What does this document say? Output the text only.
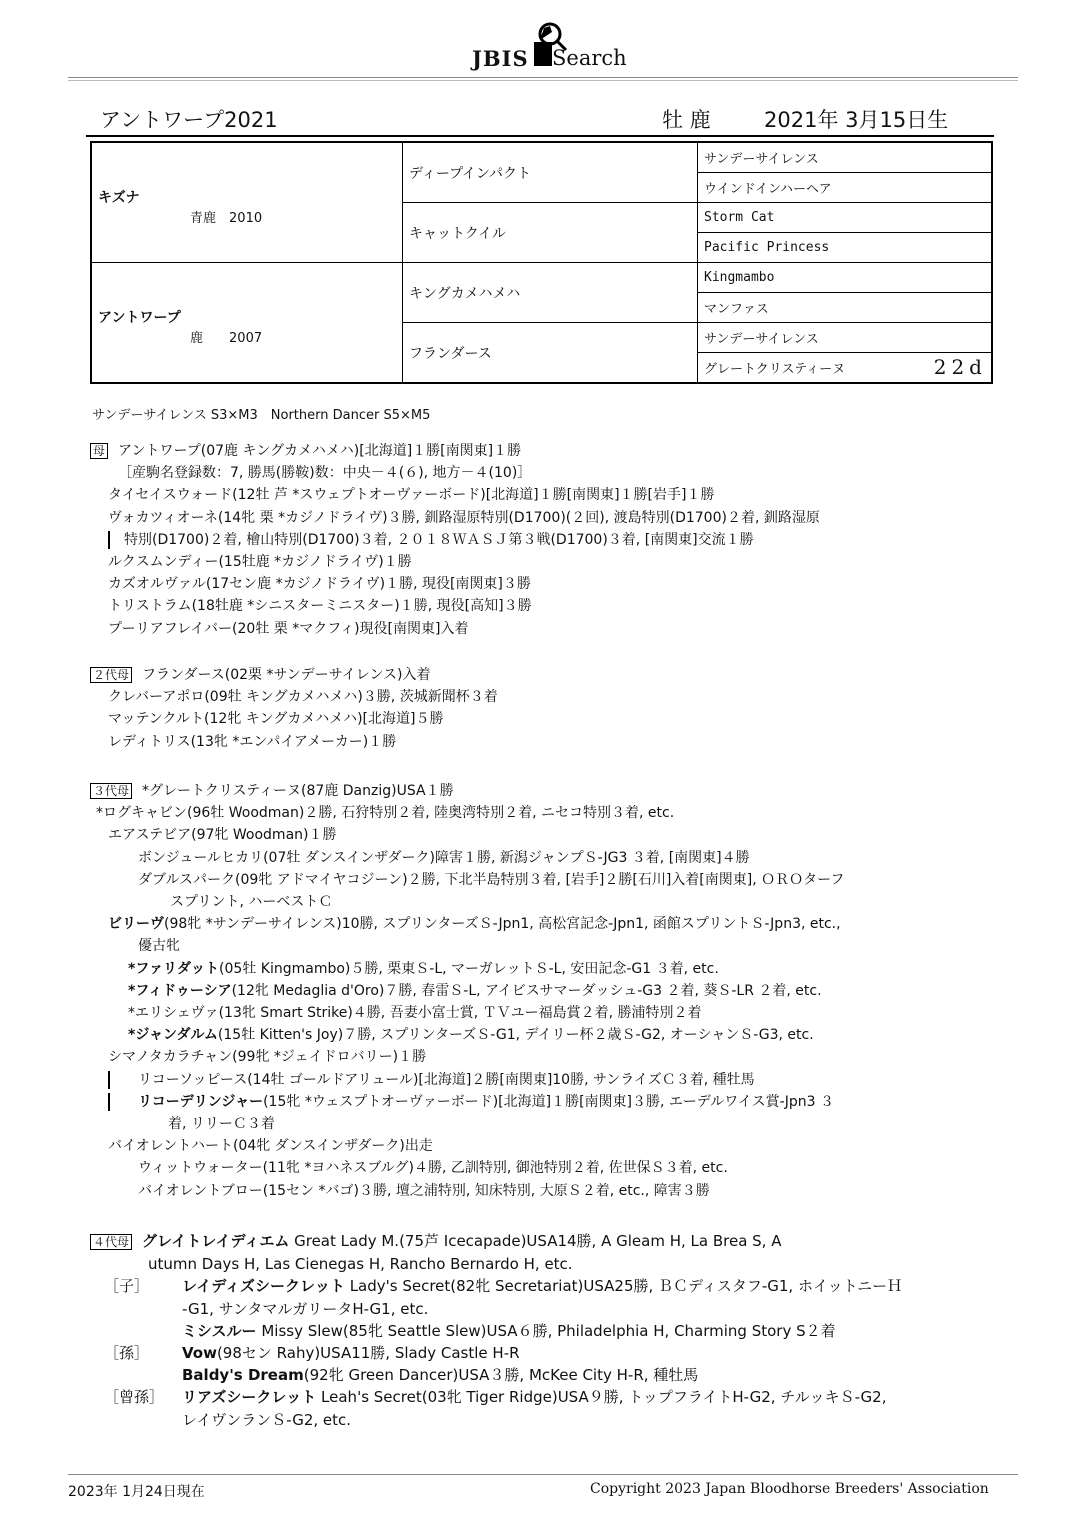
JBIS Search
アントワープ2021	牡 鹿	2021年 3月15日生
キズナ
青鹿　 2010	ディープインパクト	サンデーサイレンス
		ウインドインハーヘア
	キャットクイル	Storm Cat
		Pacific Princess

アントワープ
鹿　　 2007	キングカメハメハ	Kingmambo
		マンファス
	フランダース	サンデーサイレンス
		グレートクリスティーヌ 22d
サンデーサイレンス S3×M3　Northern Dancer S5×M5
母 アントワープ(07鹿 キングカメハメハ)[北海道]１勝[南関東]１勝
［産駒名登録数：7, 勝馬(勝鞍)数：中央－４(６), 地方－４(10)］
タイセイスウォード(12牡 芦 *スウェプトオーヴァーボード)[北海道]１勝[南関東]１勝[岩手]１勝
ヴォカツィオーネ(14牝 栗 *カジノドライヴ)３勝, 釧路湿原特別(D1700)(２回), 渡島特別(D1700)２着, 釧路湿原
特別(D1700)２着, 檜山特別(D1700)３着, ２０１８ＷＡＳＪ第３戦(D1700)３着, [南関東]交流１勝
ルクスムンディー(15牡鹿 *カジノドライヴ)１勝
カズオルヴァル(17セン鹿 *カジノドライヴ)１勝, 現役[南関東]３勝
トリストラム(18牡鹿 *シニスターミニスター)１勝, 現役[高知]３勝
プーリアフレイバー(20牡 栗 *マクフィ)現役[南関東]入着
２代母 フランダース(02栗 *サンデーサイレンス)入着
クレバーアポロ(09牡 キングカメハメハ)３勝, 茨城新聞杯３着
マッテンクルト(12牝 キングカメハメハ)[北海道]５勝
レディトリス(13牝 *エンパイアメーカー)１勝
３代母 *グレートクリスティーヌ(87鹿 Danzig)USA１勝
*ログキャビン(96牡 Woodman)２勝, 石狩特別２着, 陸奥湾特別２着, ニセコ特別３着, etc.
エアステビア(97牝 Woodman)１勝
ボンジュールヒカリ(07牡 ダンスインザダーク)障害１勝, 新潟ジャンプＳ-JG3 ３着, [南関東]４勝
ダブルスパーク(09牝 アドマイヤコジーン)２勝, 下北半島特別３着, [岩手]２勝[石川]入着[南関東], ＯＲＯターフ
スプリント, ハーベストＣ
ビリーヴ(98牝 *サンデーサイレンス)10勝, スプリンターズＳ-Jpn1, 高松宮記念-Jpn1, 函館スプリントＳ-Jpn3, etc.,
優古牝
*ファリダット(05牡 Kingmambo)５勝, 栗東Ｓ-L, マーガレットＳ-L, 安田記念-G1 ３着, etc.
*フィドゥーシア(12牝 Medaglia d'Oro)７勝, 春雷Ｓ-L, アイビスサマーダッシュ-G3 ２着, 葵Ｓ-LR ２着, etc.
*エリシェヴァ(13牝 Smart Strike)４勝, 吾妻小富士賞, ＴＶユー福島賞２着, 勝浦特別２着
*ジャンダルム(15牡 Kitten's Joy)７勝, スプリンターズＳ-G1, デイリー杯２歳Ｓ-G2, オーシャンＳ-G3, etc.
シマノタカラチャン(99牝 *ジェイドロバリー)１勝
リコーソッピース(14牡 ゴールドアリュール)[北海道]２勝[南関東]10勝, サンライズＣ３着, 種牡馬
リコーデリンジャー(15牝 *ウェスプトオーヴァーボード)[北海道]１勝[南関東]３勝, エーデルワイス賞-Jpn3 ３
着, リリーＣ３着
バイオレントハート(04牝 ダンスインザダーク)出走
ウィットウォーター(11牝 *ヨハネスブルグ)４勝, 乙訓特別, 御池特別２着, 佐世保Ｓ３着, etc.
バイオレントブロー(15セン *バゴ)３勝, 壇之浦特別, 知床特別, 大原Ｓ２着, etc., 障害３勝
４代母 グレイトレイディエム Great Lady M.(75芦 Icecapade)USA14勝, A Gleam H, La Brea S, A
utumn Days H, Las Cienegas H, Rancho Bernardo H, etc.
［子］ レイディズシークレット Lady's Secret(82牝 Secretariat)USA25勝, ＢＣディスタフ-G1, ホイットニーＨ
-G1, サンタマルガリータH-G1, etc.
ミシスルー Missy Slew(85牝 Seattle Slew)USA６勝, Philadelphia H, Charming Story S２着
［孫］ Vow(98セン Rahy)USA11勝, Slady Castle H-R
Baldy's Dream(92牝 Green Dancer)USA３勝, McKee City H-R, 種牡馬
［曾孫］ リアズシークレット Leah's Secret(03牝 Tiger Ridge)USA９勝, トップフライトH-G2, チルッキＳ-G2,
レイヴンランＳ-G2, etc.
2023年 1月24日現在	Copyright 2023 Japan Bloodhorse Breeders' Association
